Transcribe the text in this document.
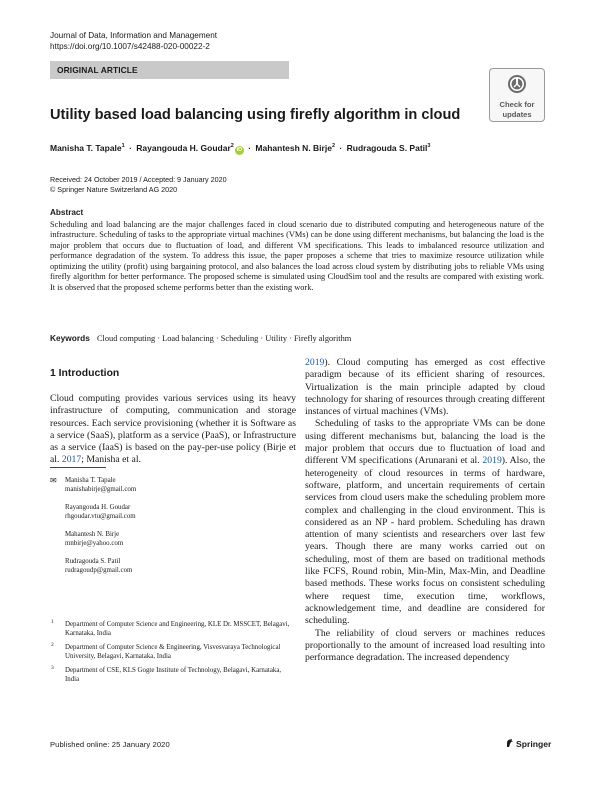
Journal of Data, Information and Management
https://doi.org/10.1007/s42488-020-00022-2
ORIGINAL ARTICLE
Check for
updates
Utility based load balancing using firefly algorithm in cloud
Manisha T. Tapale$^1$ · Rayangouda H. Goudar$^2$iD · Mahantesh N. Birje$^2$ · Rudragouda S. Patil$^3$
Received: 24 October 2019 / Accepted: 9 January 2020
© Springer Nature Switzerland AG 2020
Abstract
Scheduling and load balancing are the major challenges faced in cloud scenario due to distributed computing and heterogeneous nature of the infrastructure. Scheduling of tasks to the appropriate virtual machines (VMs) can be done using different mechanisms, but balancing the load is the major problem that occurs due to fluctuation of load, and different VM specifications. This leads to imbalanced resource utilization and performance degradation of the system. To address this issue, the paper proposes a scheme that tries to maximize resource utilization while optimizing the utility (profit) using bargaining protocol, and also balances the load across cloud system by distributing jobs to reliable VMs using firefly algorithm for better performance. The proposed scheme is simulated using CloudSim tool and the results are compared with existing work. It is observed that the proposed scheme performs better than the existing work.
Keywords Cloud computing · Load balancing · Scheduling · Utility · Firefly algorithm
1 Introduction
Cloud computing provides various services using its heavy infrastructure of computing, communication and storage resources. Each service provisioning (whether it is Software as a service (SaaS), platform as a service (PaaS), or Infrastructure as a service (IaaS) is based on the pay-per-use policy (Birje et al. 2017; Manisha et al.
✉ Manisha T. Tapale
manishabirje@gmail.com
Rayangouda H. Goudar
rhgoudar.vtu@gmail.com
Mahantesh N. Birje
mnbirje@yahoo.com
Rudragouda S. Patil
rudragoudp@gmail.com
1 Department of Computer Science and Engineering, KLE Dr. MSSCET, Belagavi, Karnataka, India
2 Department of Computer Science & Engineering, Visvesvaraya Technological University, Belagavi, Karnataka, India
3 Department of CSE, KLS Gogte Institute of Technology, Belagavi, Karnataka, India

2019). Cloud computing has emerged as cost effective paradigm because of its efficient sharing of resources. Virtualization is the main principle adapted by cloud technology for sharing of resources through creating different instances of virtual machines (VMs).

Scheduling of tasks to the appropriate VMs can be done using different mechanisms but, balancing the load is the major problem that occurs due to fluctuation of load and different VM specifications (Arunarani et al. 2019). Also, the heterogeneity of cloud resources in terms of hardware, software, platform, and uncertain requirements of certain services from cloud users make the scheduling problem more complex and challenging in the cloud environment. This is considered as an NP - hard problem. Scheduling has drawn attention of many scientists and researchers over last few years. Though there are many works carried out on scheduling, most of them are based on traditional methods like FCFS, Round robin, Min-Min, Max-Min, and Deadline based methods. These works focus on consistent scheduling where request time, execution time, workflows, acknowledgement time, and deadline are considered for scheduling.

The reliability of cloud servers or machines reduces proportionally to the amount of increased load resulting into performance degradation. The increased dependency

Published online: 25 January 2020	Springer
